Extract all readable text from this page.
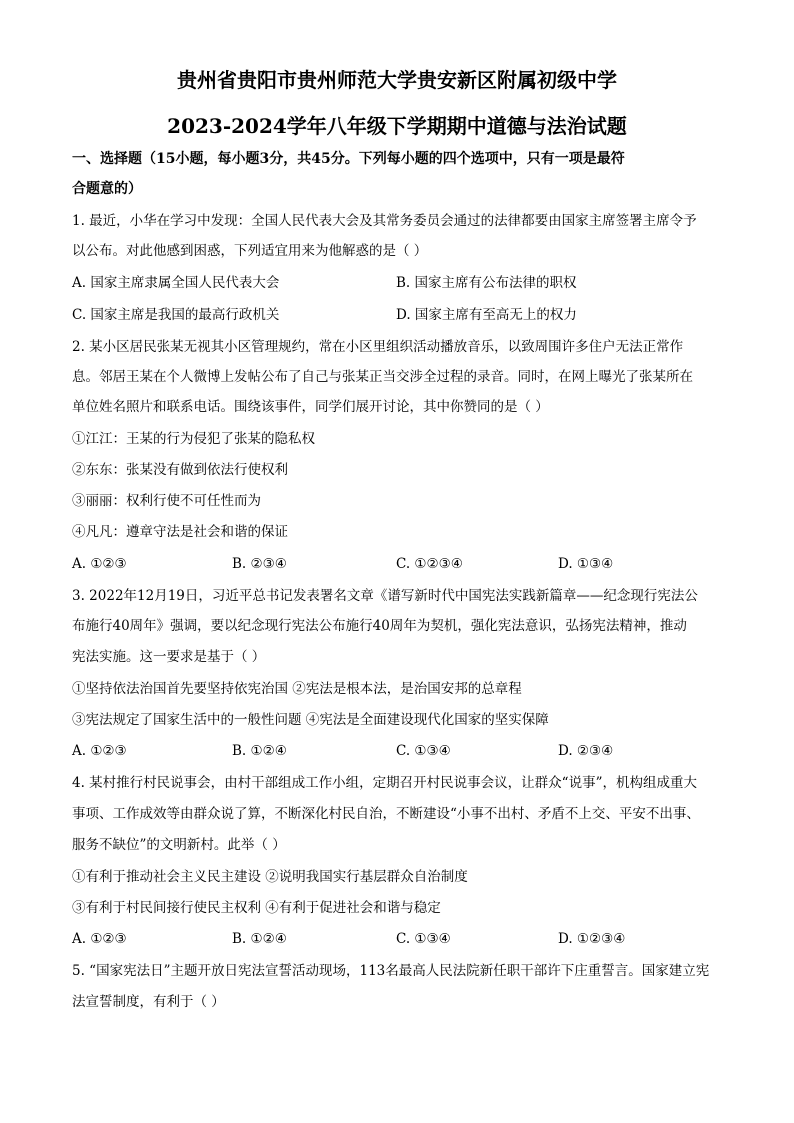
贵州省贵阳市贵州师范大学贵安新区附属初级中学
2023-2024学年八年级下学期期中道德与法治试题
一、选择题（15小题，每小题3分，共45分。下列每小题的四个选项中，只有一项是最符
合题意的）
1. 最近，小华在学习中发现：全国人民代表大会及其常务委员会通过的法律都要由国家主席签署主席令予
以公布。对此他感到困惑，下列适宜用来为他解惑的是（ ）
A. 国家主席隶属全国人民代表大会	B. 国家主席有公布法律的职权
C. 国家主席是我国的最高行政机关	D. 国家主席有至高无上的权力
2. 某小区居民张某无视其小区管理规约，常在小区里组织活动播放音乐，以致周围许多住户无法正常作
息。邻居王某在个人微博上发帖公布了自己与张某正当交涉全过程的录音。同时，在网上曝光了张某所在
单位姓名照片和联系电话。围绕该事件，同学们展开讨论，其中你赞同的是（ ）
①江江：王某的行为侵犯了张某的隐私权
②东东：张某没有做到依法行使权利
③丽丽：权利行使不可任性而为
④凡凡：遵章守法是社会和谐的保证
A. ①②③	B. ②③④	C. ①②③④	D. ①③④
3. 2022年12月19日，习近平总书记发表署名文章《谱写新时代中国宪法实践新篇章——纪念现行宪法公
布施行40周年》强调，要以纪念现行宪法公布施行40周年为契机，强化宪法意识，弘扬宪法精神，推动
宪法实施。这一要求是基于（ ）
①坚持依法治国首先要坚持依宪治国 ②宪法是根本法，是治国安邦的总章程
③宪法规定了国家生活中的一般性问题 ④宪法是全面建设现代化国家的坚实保障
A. ①②③	B. ①②④	C. ①③④	D. ②③④
4. 某村推行村民说事会，由村干部组成工作小组，定期召开村民说事会议，让群众“说事”，机构组成重大
事项、工作成效等由群众说了算，不断深化村民自治，不断建设“小事不出村、矛盾不上交、平安不出事、
服务不缺位”的文明新村。此举（ ）
①有利于推动社会主义民主建设 ②说明我国实行基层群众自治制度
③有利于村民间接行使民主权利 ④有利于促进社会和谐与稳定
A. ①②③	B. ①②④	C. ①③④	D. ①②③④
5. “国家宪法日”主题开放日宪法宣誓活动现场，113名最高人民法院新任职干部许下庄重誓言。国家建立宪
法宣誓制度，有利于（ ）
